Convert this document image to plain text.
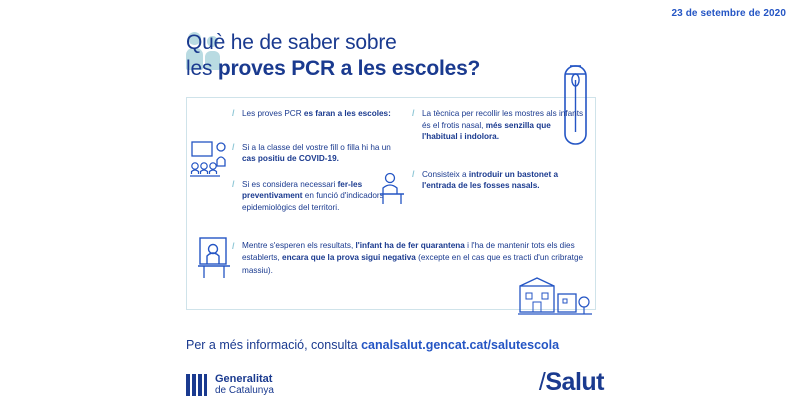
23 de setembre de 2020
Què he de saber sobre
les proves PCR a les escoles?
/ Les proves PCR es faran a les escoles:
/ Si a la classe del vostre fill o filla hi ha un cas positiu de COVID-19.
/ Si es considera necessari fer-les preventivament en funció d'indicadors epidemiològics del territori.
/ La tècnica per recollir les mostres als infants és el frotis nasal, més senzilla que l'habitual i indolora.
/ Consisteix a introduir un bastonet a l'entrada de les fosses nasals.
/ Mentre s'esperen els resultats, l'infant ha de fer quarantena i l'ha de mantenir tots els dies establerts, encara que la prova sigui negativa (excepte en el cas que es tracti d'un cribratge massiu).
Per a més informació, consulta canalsalut.gencat.cat/salutescola
Generalitat
de Catalunya	/Salut
